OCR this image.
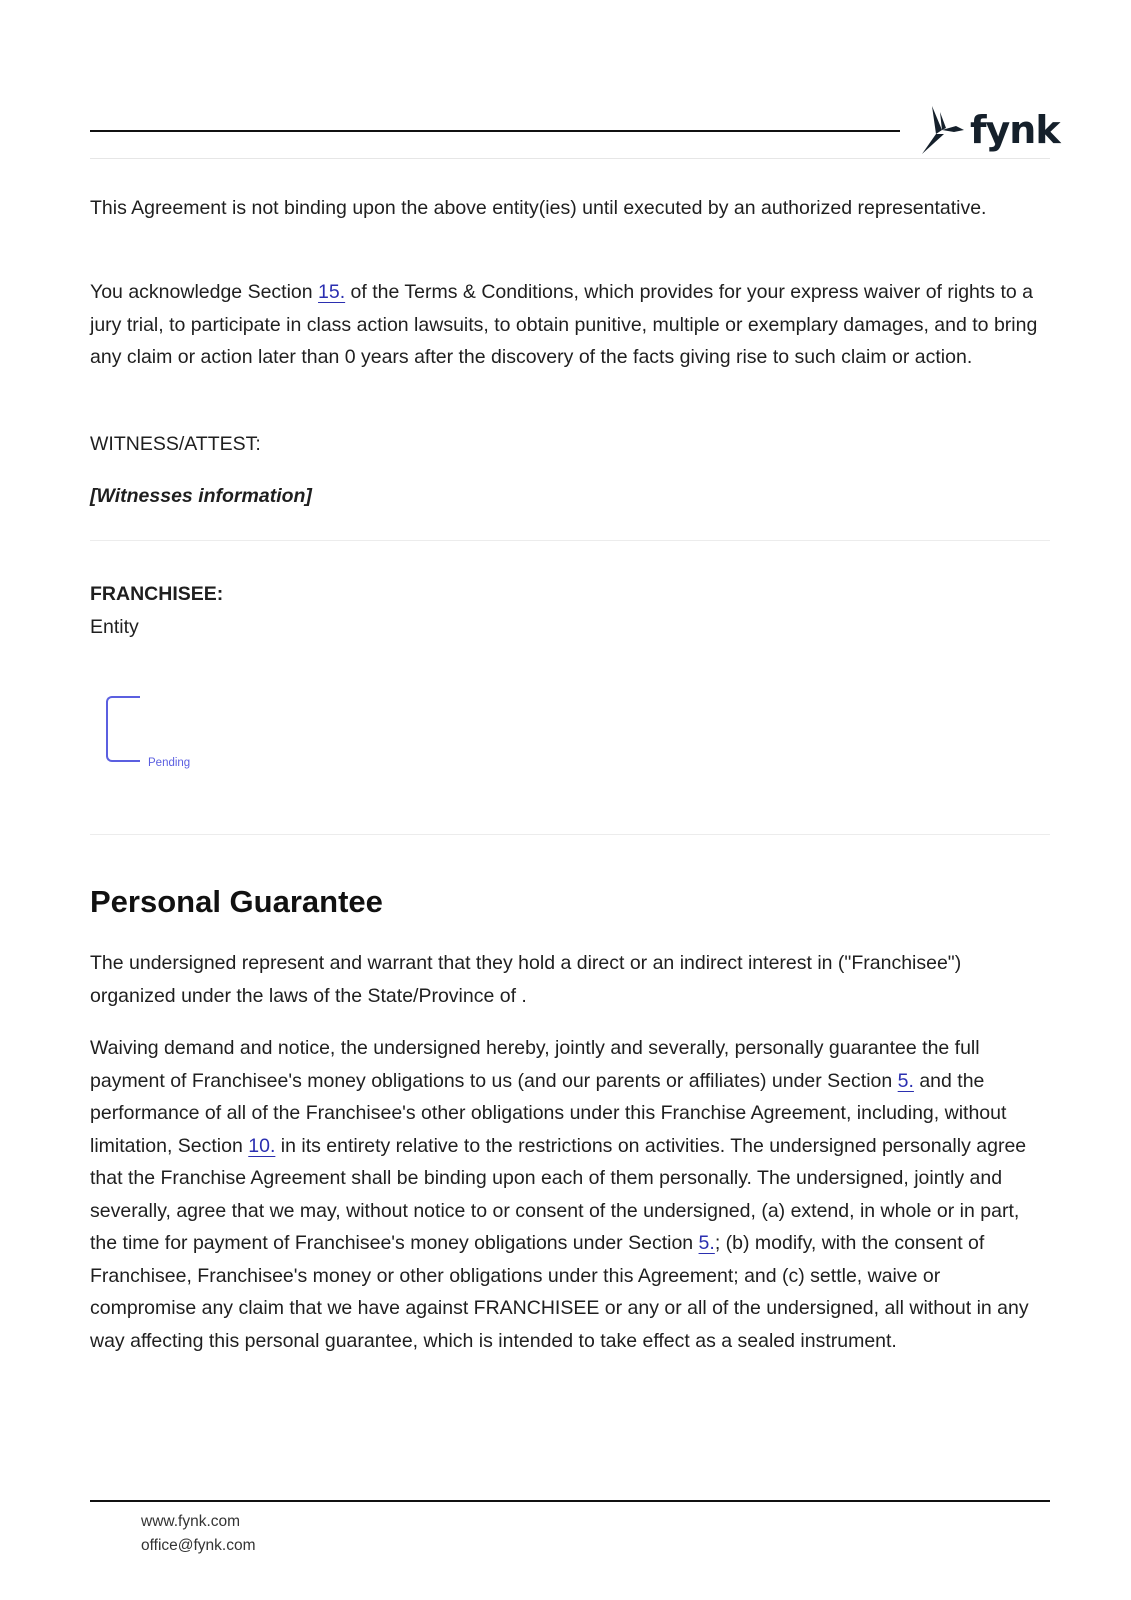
fynk

This Agreement is not binding upon the above entity(ies) until executed by an authorized representative.

You acknowledge Section 15. of the Terms & Conditions, which provides for your express waiver of rights to a jury trial, to participate in class action lawsuits, to obtain punitive, multiple or exemplary damages, and to bring any claim or action later than 0 years after the discovery of the facts giving rise to such claim or action.

WITNESS/ATTEST:

[Witnesses information]

FRANCHISEE:

Entity

Pending
Personal Guarantee

The undersigned represent and warrant that they hold a direct or an indirect interest in ("Franchisee") organized under the laws of the State/Province of .

Waiving demand and notice, the undersigned hereby, jointly and severally, personally guarantee the full payment of Franchisee's money obligations to us (and our parents or affiliates) under Section 5. and the performance of all of the Franchisee's other obligations under this Franchise Agreement, including, without limitation, Section 10. in its entirety relative to the restrictions on activities. The undersigned personally agree that the Franchise Agreement shall be binding upon each of them personally. The undersigned, jointly and severally, agree that we may, without notice to or consent of the undersigned, (a) extend, in whole or in part, the time for payment of Franchisee's money obligations under Section 5.; (b) modify, with the consent of Franchisee, Franchisee's money or other obligations under this Agreement; and (c) settle, waive or compromise any claim that we have against FRANCHISEE or any or all of the undersigned, all without in any way affecting this personal guarantee, which is intended to take effect as a sealed instrument.

www.fynk.com
office@fynk.com
